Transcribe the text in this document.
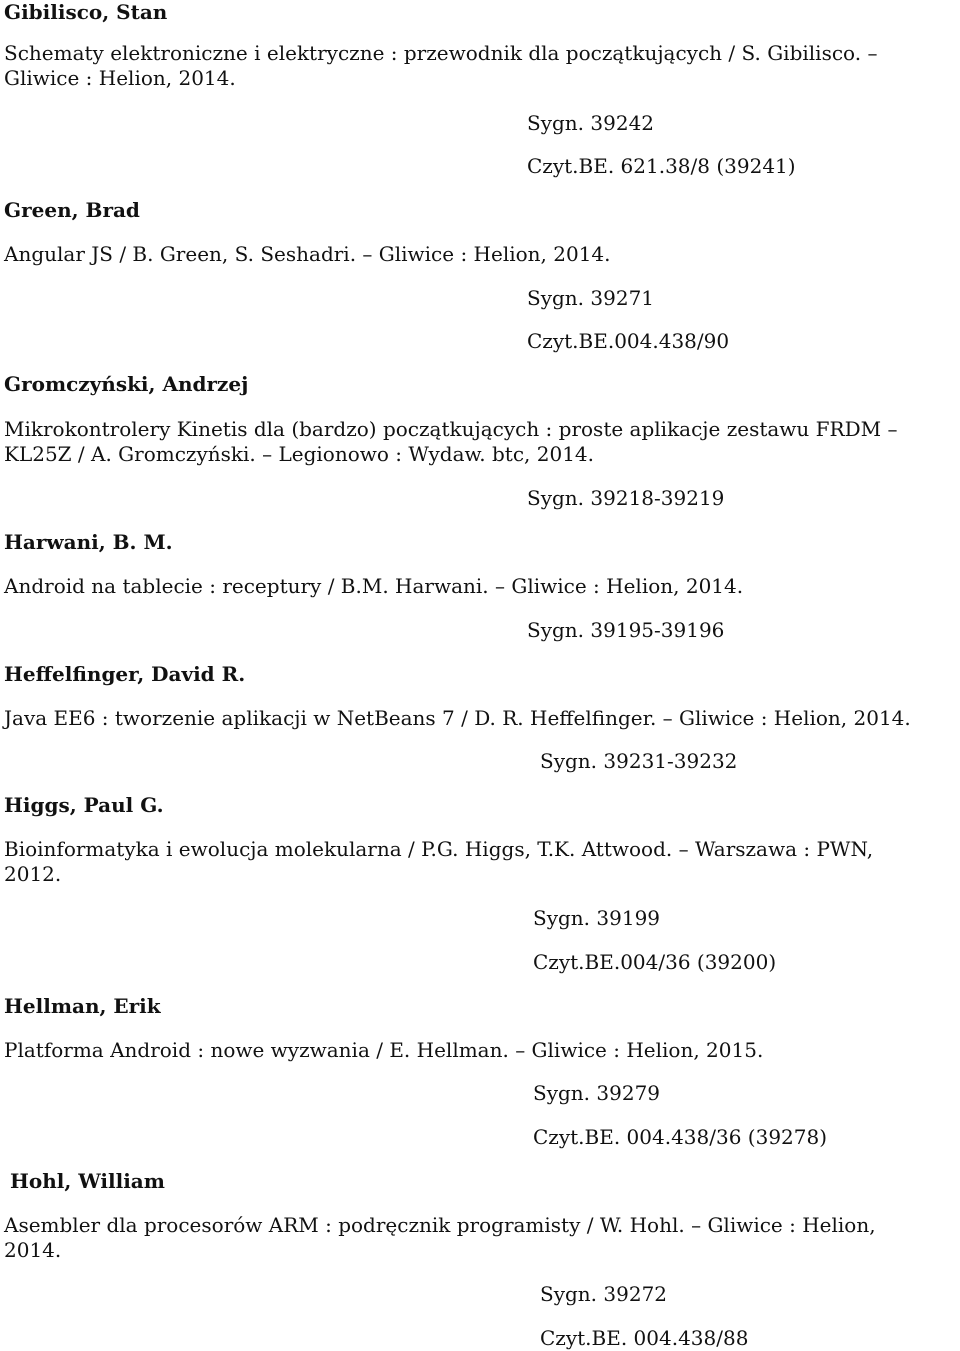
Gibilisco, Stan
Schematy elektroniczne i elektryczne : przewodnik dla początkujących / S. Gibilisco. –
Gliwice : Helion, 2014.
Sygn. 39242
Czyt.BE. 621.38/8 (39241)
Green, Brad
Angular JS / B. Green, S. Seshadri. – Gliwice : Helion, 2014.
Sygn. 39271
Czyt.BE.004.438/90
Gromczyński, Andrzej
Mikrokontrolery Kinetis dla (bardzo) początkujących : proste aplikacje zestawu FRDM –
KL25Z / A. Gromczyński. – Legionowo : Wydaw. btc, 2014.
Sygn. 39218-39219
Harwani, B. M.
Android na tablecie : receptury / B.M. Harwani. – Gliwice : Helion, 2014.
Sygn. 39195-39196
Heffelfinger, David R.
Java EE6 : tworzenie aplikacji w NetBeans 7 / D. R. Heffelfinger. – Gliwice : Helion, 2014.
Sygn. 39231-39232
Higgs, Paul G.
Bioinformatyka i ewolucja molekularna / P.G. Higgs, T.K. Attwood. – Warszawa : PWN,
2012.
Sygn. 39199
Czyt.BE.004/36 (39200)
Hellman, Erik
Platforma Android : nowe wyzwania / E. Hellman. – Gliwice : Helion, 2015.
Sygn. 39279
Czyt.BE. 004.438/36 (39278)
Hohl, William
Asembler dla procesorów ARM : podręcznik programisty / W. Hohl. – Gliwice : Helion,
2014.
Sygn. 39272
Czyt.BE. 004.438/88
